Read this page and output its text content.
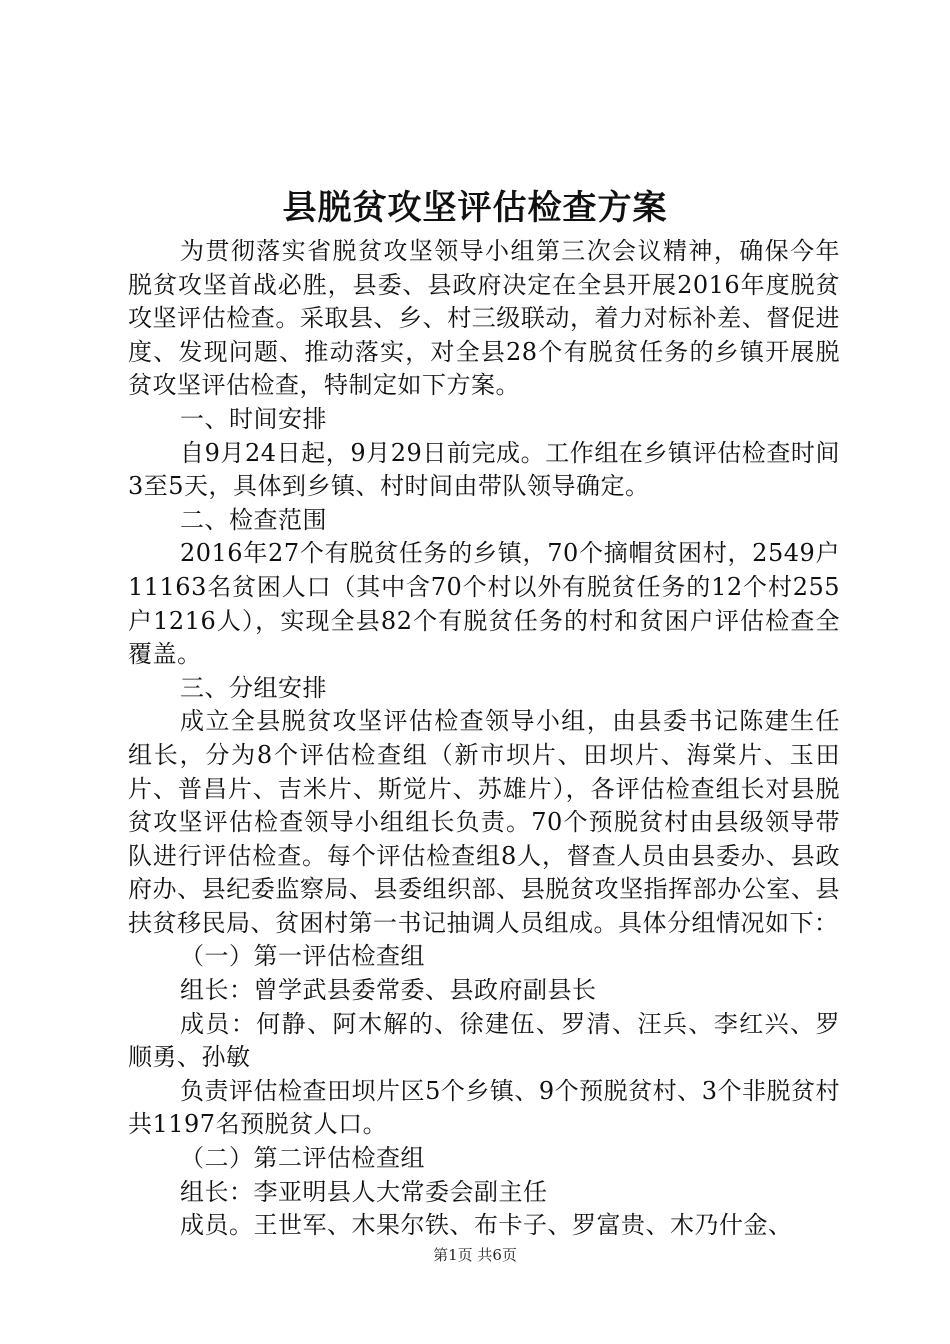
县脱贫攻坚评估检查方案

为贯彻落实省脱贫攻坚领导小组第三次会议精神，确保今年脱贫攻坚首战必胜，县委、县政府决定在全县开展2016年度脱贫攻坚评估检查。采取县、乡、村三级联动，着力对标补差、督促进度、发现问题、推动落实，对全县28个有脱贫任务的乡镇开展脱贫攻坚评估检查，特制定如下方案。

一、时间安排

自9月24日起，9月29日前完成。工作组在乡镇评估检查时间3至5天，具体到乡镇、村时间由带队领导确定。

二、检查范围

2016年27个有脱贫任务的乡镇，70个摘帽贫困村，2549户11163名贫困人口（其中含70个村以外有脱贫任务的12个村255户1216人），实现全县82个有脱贫任务的村和贫困户评估检查全覆盖。

三、分组安排

成立全县脱贫攻坚评估检查领导小组，由县委书记陈建生任组长，分为8个评估检查组（新市坝片、田坝片、海棠片、玉田片、普昌片、吉米片、斯觉片、苏雄片），各评估检查组长对县脱贫攻坚评估检查领导小组组长负责。70个预脱贫村由县级领导带队进行评估检查。每个评估检查组8人，督查人员由县委办、县政府办、县纪委监察局、县委组织部、县脱贫攻坚指挥部办公室、县扶贫移民局、贫困村第一书记抽调人员组成。具体分组情况如下：

（一）第一评估检查组

组长：曾学武县委常委、县政府副县长

成员：何静、阿木解的、徐建伍、罗清、汪兵、李红兴、罗顺勇、孙敏

负责评估检查田坝片区5个乡镇、9个预脱贫村、3个非脱贫村共1197名预脱贫人口。

（二）第二评估检查组

组长：李亚明县人大常委会副主任

成员。王世军、木果尔铁、布卡子、罗富贵、木乃什金、

第1页 共6页
